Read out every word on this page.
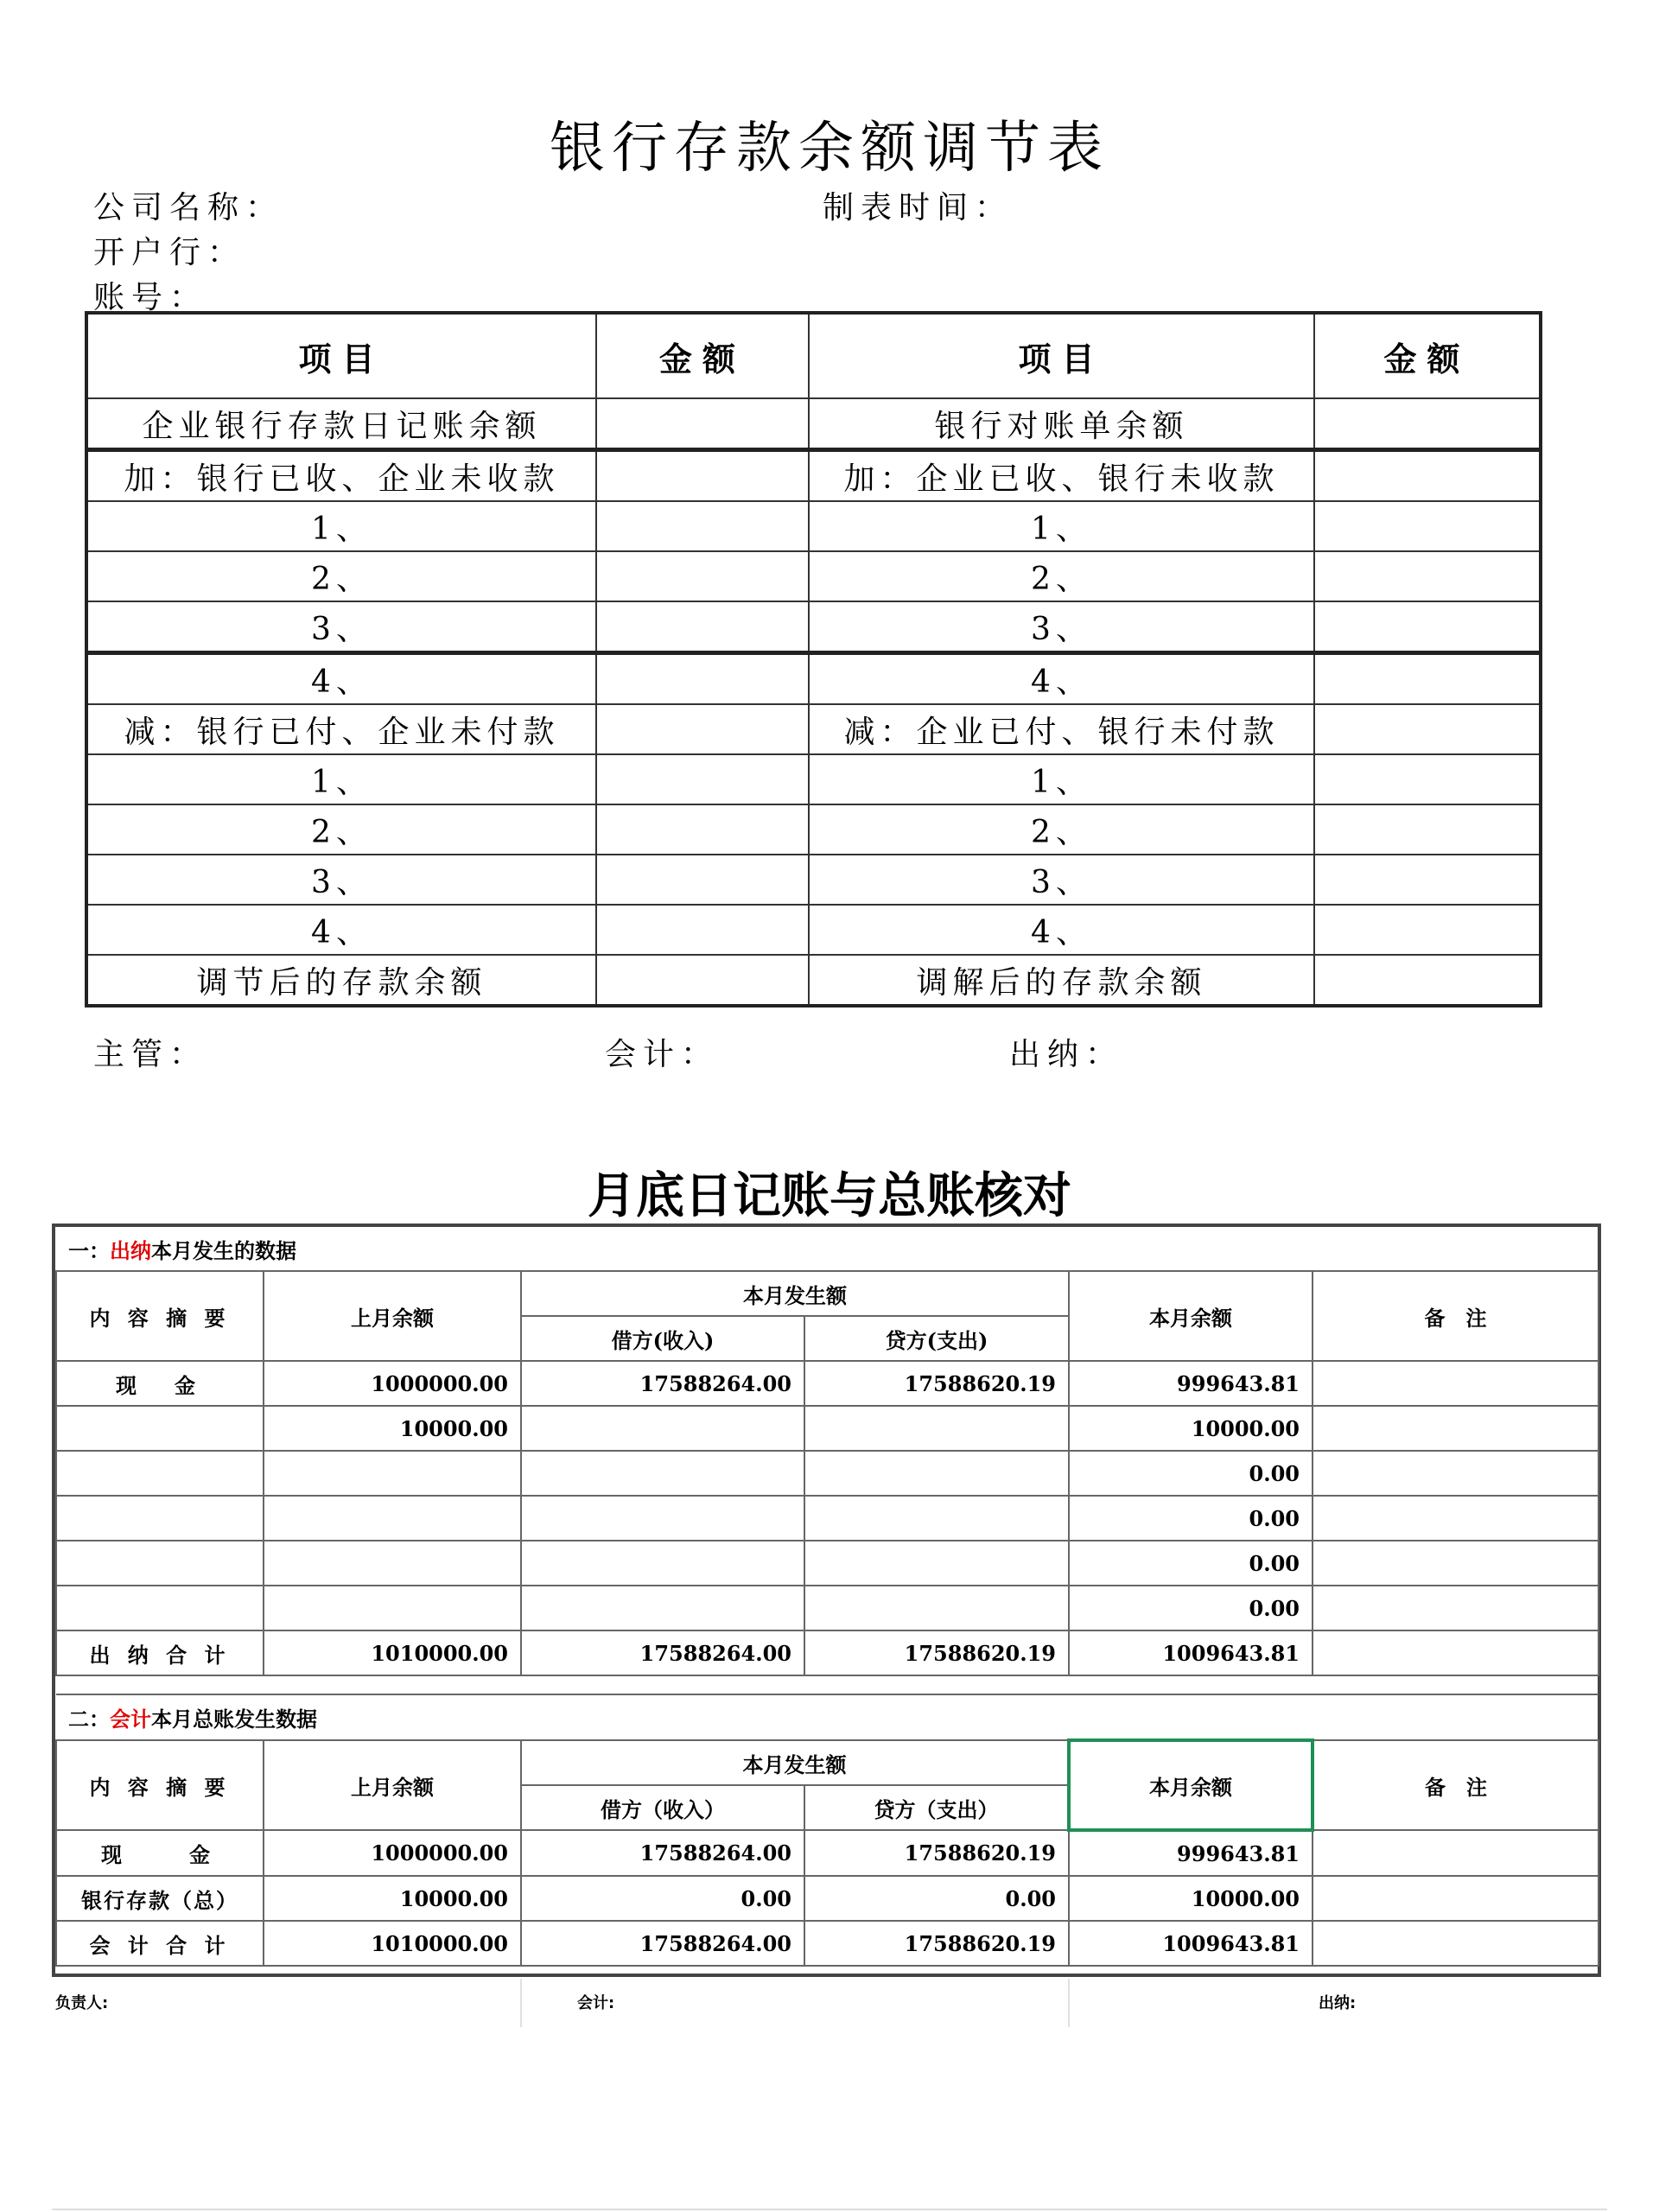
银行存款余额调节表
公司名称：	制表时间：
开户行：
账号：
项目	金额	项目	金额
企业银行存款日记账余额		银行对账单余额	
加：银行已收、企业未收款		加：企业已收、银行未收款	
1、		1、	
2、		2、	
3、		3、	
4、		4、	
减：银行已付、企业未付款		减：企业已付、银行未付款	
1、		1、	
2、		2、	
3、		3、	
4、		4、	
调节后的存款余额		调解后的存款余额	
主管：	会计：	出纳：
月底日记账与总账核对
一：出纳本月发生的数据					
内 容 摘 要	上月余额	本月发生额		本月余额	备　注
		借方(收入)	贷方(支出)		
现　金	1000000.00	17588264.00	17588620.19	999643.81	
	10000.00			10000.00	
				0.00	
				0.00	
				0.00	
				0.00	
出 纳 合 计	1010000.00	17588264.00	17588620.19	1009643.81	
二：会计本月总账发生数据					
内 容 摘 要	上月余额	本月发生额		本月余额	备　注
		借方（收入）	贷方（支出）		
现　　金	1000000.00	17588264.00	17588620.19	999643.81	
银行存款（总）	10000.00	0.00	0.00	10000.00	
会 计 合 计	1010000.00	17588264.00	17588620.19	1009643.81	
负责人:	会计:	出纳:
